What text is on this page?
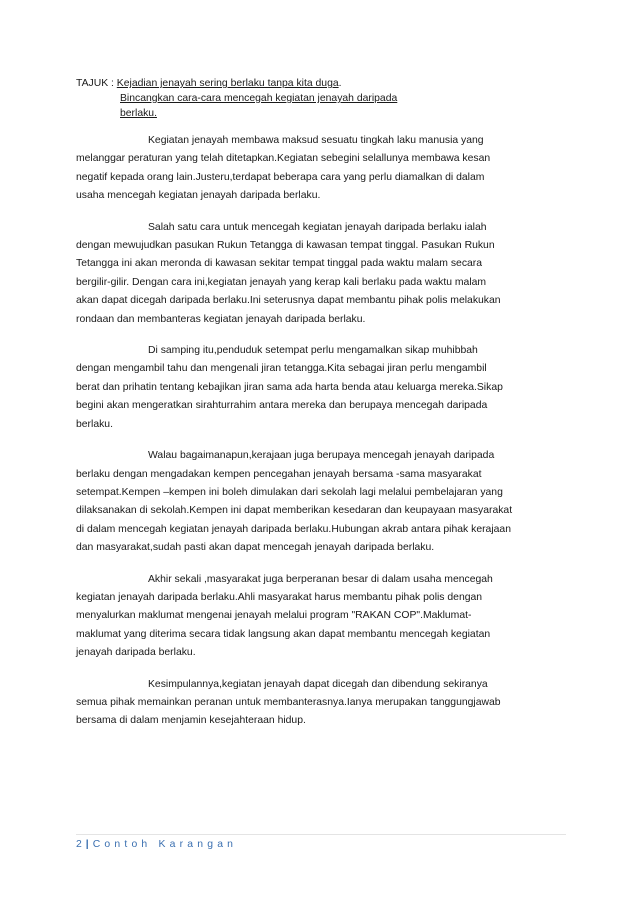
TAJUK : Kejadian jenayah sering berlaku tanpa kita duga.
Bincangkan cara-cara mencegah kegiatan jenayah daripada
berlaku.
Kegiatan jenayah membawa maksud sesuatu tingkah laku manusia yang
melanggar peraturan yang telah ditetapkan.Kegiatan sebegini selallunya membawa kesan
negatif kepada orang lain.Justeru,terdapat beberapa cara yang perlu diamalkan di dalam
usaha mencegah kegiatan jenayah daripada berlaku.
Salah satu cara untuk mencegah kegiatan jenayah daripada berlaku ialah
dengan mewujudkan pasukan Rukun Tetangga di kawasan tempat tinggal. Pasukan Rukun
Tetangga ini akan meronda di kawasan sekitar tempat tinggal pada waktu malam secara
bergilir-gilir. Dengan cara ini,kegiatan jenayah yang kerap kali berlaku pada waktu malam
akan dapat dicegah daripada berlaku.Ini seterusnya dapat membantu pihak polis melakukan
rondaan dan membanteras kegiatan jenayah daripada berlaku.
Di samping itu,penduduk setempat perlu mengamalkan sikap muhibbah
dengan mengambil tahu dan mengenali jiran tetangga.Kita sebagai jiran perlu mengambil
berat dan prihatin tentang kebajikan jiran sama ada harta benda atau keluarga mereka.Sikap
begini akan mengeratkan sirahturrahim antara mereka dan berupaya mencegah daripada
berlaku.
Walau bagaimanapun,kerajaan juga berupaya mencegah jenayah daripada
berlaku dengan mengadakan kempen pencegahan jenayah bersama -sama masyarakat
setempat.Kempen –kempen ini boleh dimulakan dari sekolah lagi melalui pembelajaran yang
dilaksanakan di sekolah.Kempen ini dapat memberikan kesedaran dan keupayaan masyarakat
di dalam mencegah kegiatan jenayah daripada berlaku.Hubungan akrab antara pihak kerajaan
dan masyarakat,sudah pasti akan dapat mencegah jenayah daripada berlaku.
Akhir sekali ,masyarakat juga berperanan besar di dalam usaha mencegah
kegiatan jenayah daripada berlaku.Ahli masyarakat harus membantu pihak polis dengan
menyalurkan maklumat mengenai jenayah melalui program "RAKAN COP".Maklumat-
maklumat yang diterima secara tidak langsung akan dapat membantu mencegah kegiatan
jenayah daripada berlaku.
Kesimpulannya,kegiatan jenayah dapat dicegah dan dibendung sekiranya
semua pihak memainkan peranan untuk membanterasnya.Ianya merupakan tanggungjawab
bersama di dalam menjamin kesejahteraan hidup.
2 | Contoh Karangan
